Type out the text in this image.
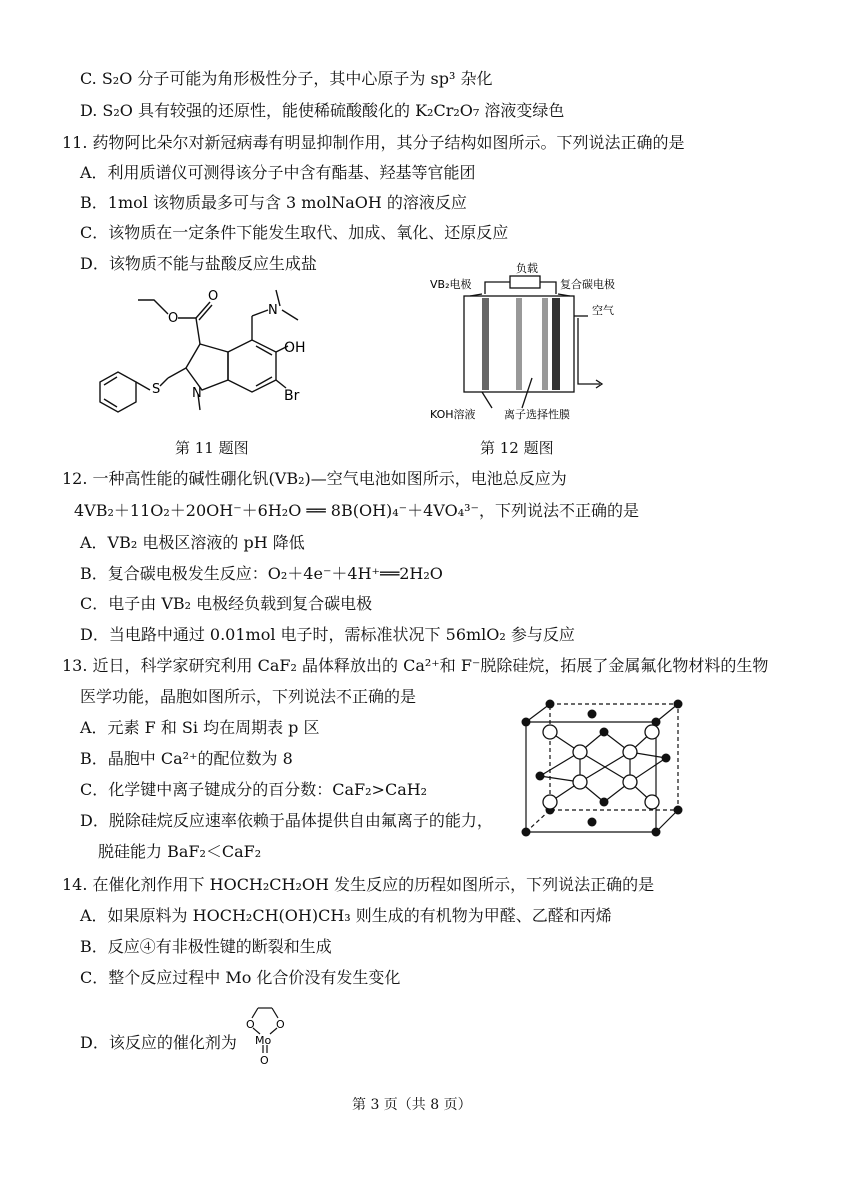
C. S₂O 分子可能为角形极性分子，其中心原子为 sp³ 杂化
D. S₂O 具有较强的还原性，能使稀硫酸酸化的 K₂Cr₂O₇ 溶液变绿色
11. 药物阿比朵尔对新冠病毒有明显抑制作用，其分子结构如图所示。下列说法正确的是
A．利用质谱仪可测得该分子中含有酯基、羟基等官能团
B．1mol 该物质最多可与含 3 molNaOH 的溶液反应
C．该物质在一定条件下能发生取代、加成、氧化、还原反应
D．该物质不能与盐酸反应生成盐
O
O
N
OH
Br
N
S
第 11 题图
VB₂电极
负载
复合碳电极
空气
KOH溶液	离子选择性膜
第 12 题图
12. 一种高性能的碱性硼化钒(VB₂)—空气电池如图所示，电池总反应为
4VB₂＋11O₂＋20OH⁻＋6H₂O ══ 8B(OH)₄⁻＋4VO₄³⁻，下列说法不正确的是
A．VB₂ 电极区溶液的 pH 降低
B．复合碳电极发生反应：O₂＋4e⁻＋4H⁺══2H₂O
C．电子由 VB₂ 电极经负载到复合碳电极
D．当电路中通过 0.01mol 电子时，需标准状况下 56mlO₂ 参与反应
13. 近日，科学家研究利用 CaF₂ 晶体释放出的 Ca²⁺和 F⁻脱除硅烷，拓展了金属氟化物材料的生物
医学功能，晶胞如图所示，下列说法不正确的是
A．元素 F 和 Si 均在周期表 p 区
B．晶胞中 Ca²⁺的配位数为 8
C．化学键中离子键成分的百分数：CaF₂>CaH₂
D．脱除硅烷反应速率依赖于晶体提供自由氟离子的能力，
脱硅能力 BaF₂＜CaF₂
14. 在催化剂作用下 HOCH₂CH₂OH 发生反应的历程如图所示，下列说法正确的是
A．如果原料为 HOCH₂CH(OH)CH₃ 则生成的有机物为甲醛、乙醛和丙烯
B．反应④有非极性键的断裂和生成
C．整个反应过程中 Mo 化合价没有发生变化
D．该反应的催化剂为
O O
Mo
O
第 3 页（共 8 页）
